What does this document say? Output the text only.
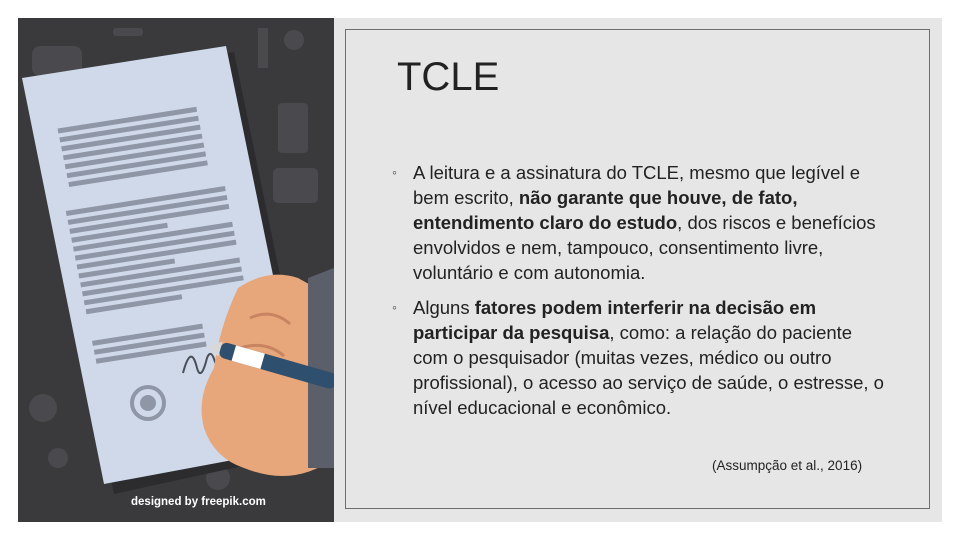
TCLE
◦ A leitura e a assinatura do TCLE, mesmo que legível e bem escrito, não garante que houve, de fato, entendimento claro do estudo, dos riscos e benefícios envolvidos e nem, tampouco, consentimento livre, voluntário e com autonomia.
◦ Alguns fatores podem interferir na decisão em participar da pesquisa, como: a relação do paciente com o pesquisador (muitas vezes, médico ou outro profissional), o acesso ao serviço de saúde, o estresse, o nível educacional e econômico.
(Assumpção et al., 2016)
designed by freepik.com
